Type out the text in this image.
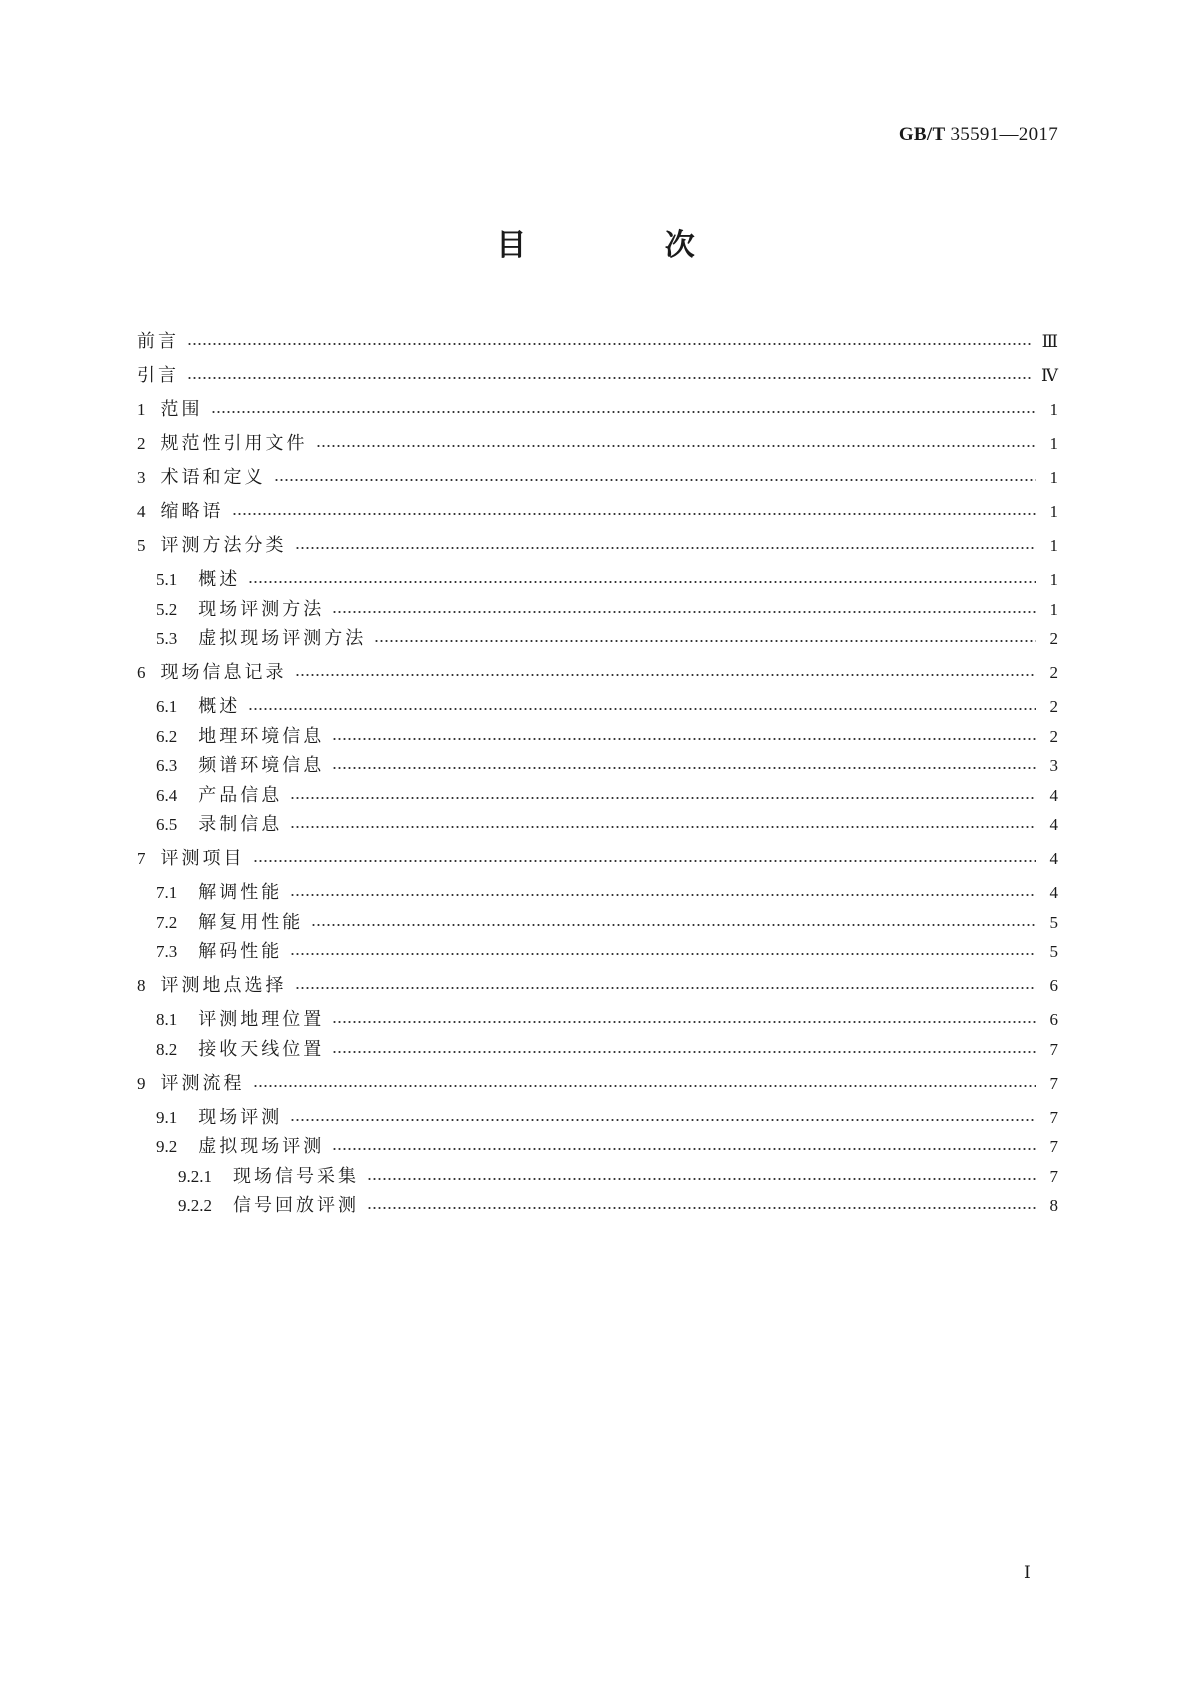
GB/T 35591—2017
目 次
前言	Ⅲ
引言	Ⅳ
1 范围	1
2 规范性引用文件	1
3 术语和定义	1
4 缩略语	1
5 评测方法分类	1
5.1 概述	1
5.2 现场评测方法	1
5.3 虚拟现场评测方法	2
6 现场信息记录	2
6.1 概述	2
6.2 地理环境信息	2
6.3 频谱环境信息	3
6.4 产品信息	4
6.5 录制信息	4
7 评测项目	4
7.1 解调性能	4
7.2 解复用性能	5
7.3 解码性能	5
8 评测地点选择	6
8.1 评测地理位置	6
8.2 接收天线位置	7
9 评测流程	7
9.1 现场评测	7
9.2 虚拟现场评测	7
9.2.1 现场信号采集	7
9.2.2 信号回放评测	8
Ⅰ
